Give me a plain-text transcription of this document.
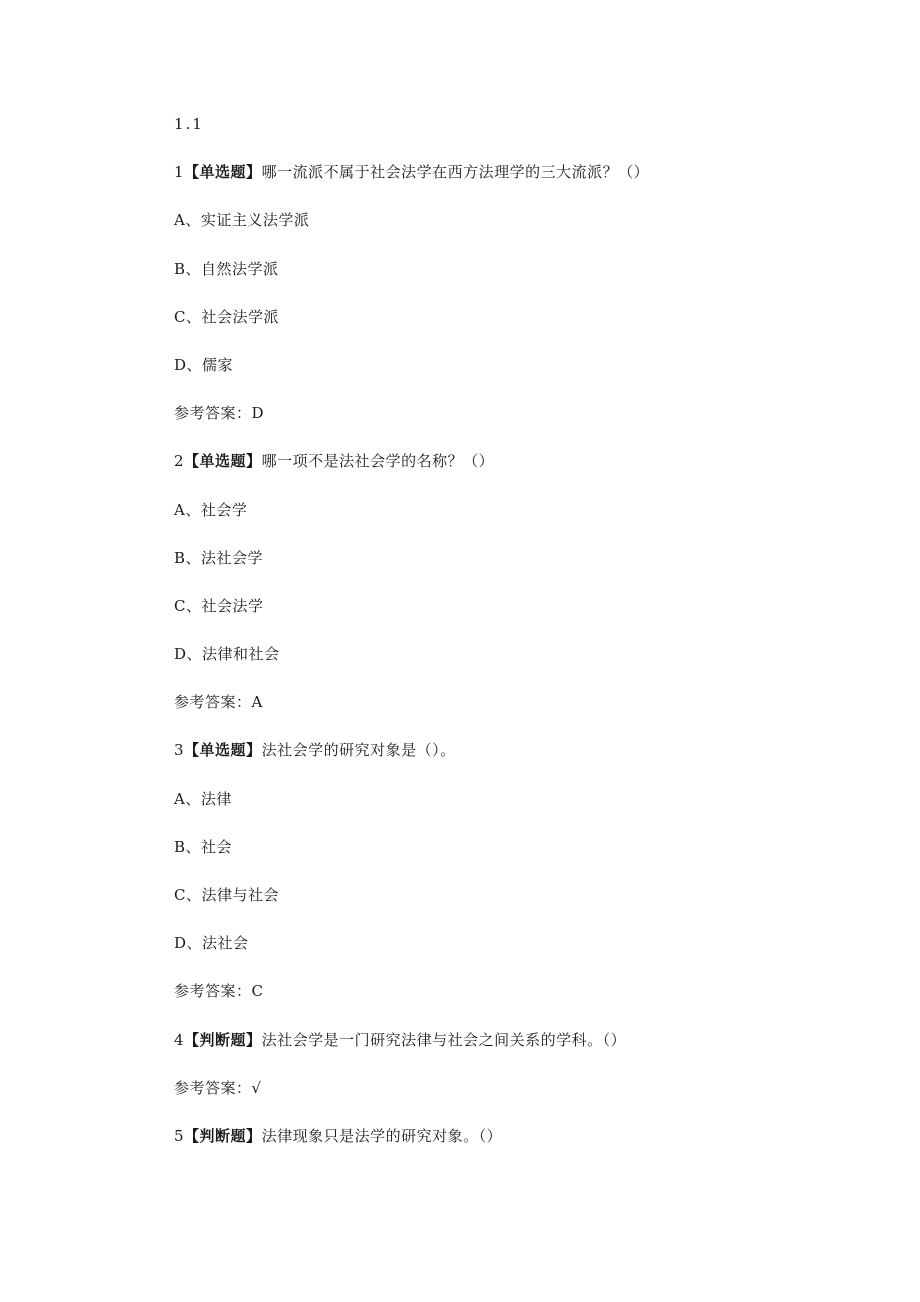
1.1
1【单选题】哪一流派不属于社会法学在西方法理学的三大流派？（）
A、实证主义法学派
B、自然法学派
C、社会法学派
D、儒家
参考答案：D
2【单选题】哪一项不是法社会学的名称？（）
A、社会学
B、法社会学
C、社会法学
D、法律和社会
参考答案：A
3【单选题】法社会学的研究对象是（）。
A、法律
B、社会
C、法律与社会
D、法社会
参考答案：C
4【判断题】法社会学是一门研究法律与社会之间关系的学科。（）
参考答案：√
5【判断题】法律现象只是法学的研究对象。（）
